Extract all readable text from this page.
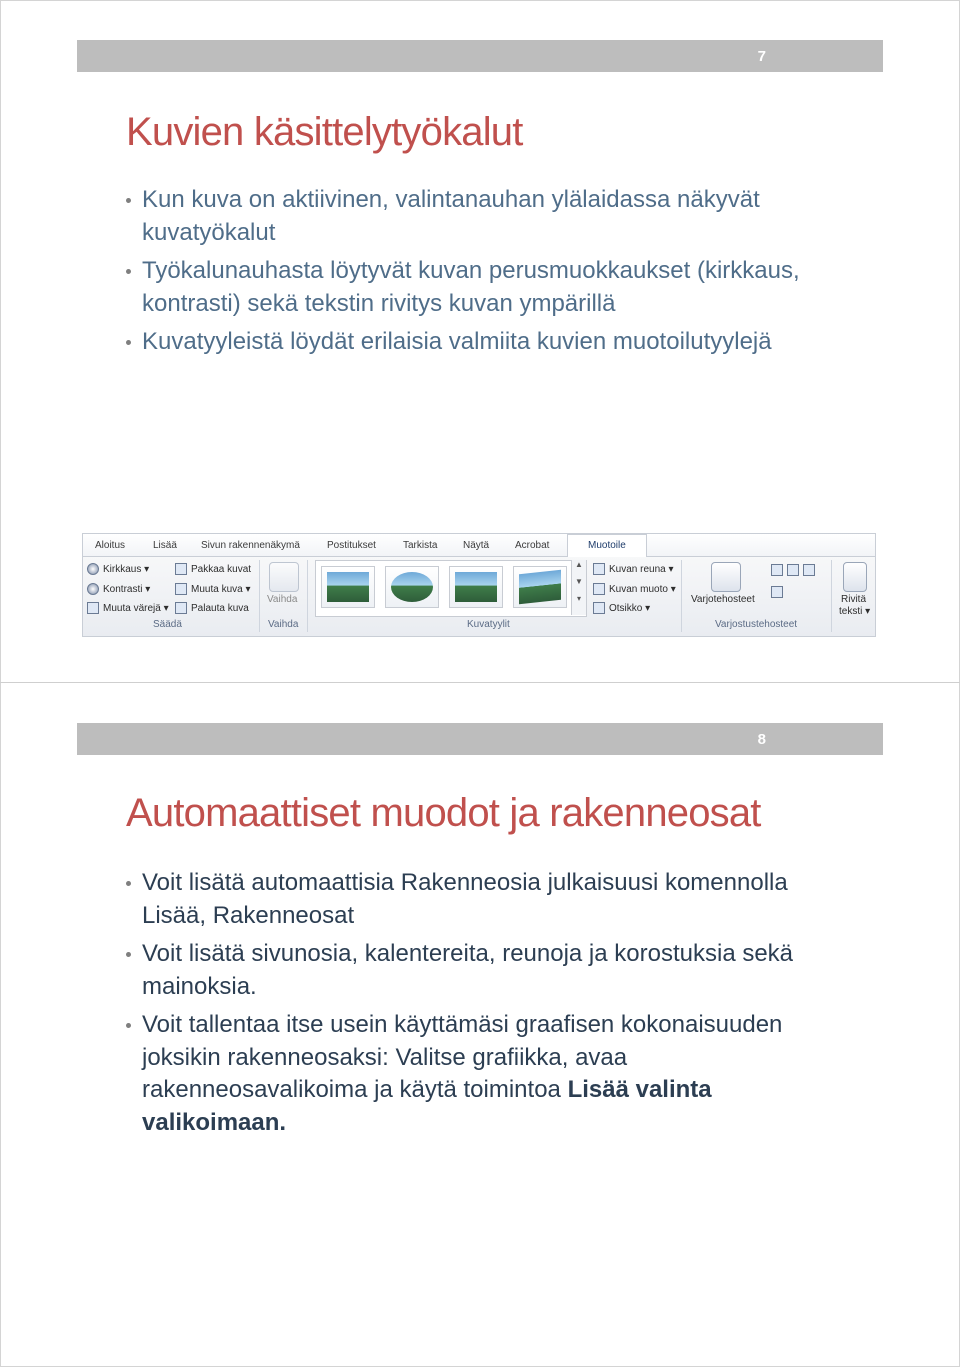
7
Kuvien käsittelytyökalut
Kun kuva on aktiivinen, valintanauhan ylälaidassa näkyvät kuvatyökalut
Työkalunauhasta löytyvät kuvan perusmuokkaukset (kirkkaus, kontrasti) sekä tekstin rivitys kuvan ympärillä
Kuvatyyleistä löydät erilaisia valmiita kuvien muotoilutyylejä
Aloitus	Lisää Sivun rakennenäkymä	Postitukset	Tarkista	Näytä	Acrobat	Muotoile
Kirkkaus ▾
Kontrasti ▾
Muuta värejä ▾
Pakkaa kuvat
Muuta kuva ▾
Palauta kuva
Säädä
Vaihda
Vaihda
▲
▼
▾
Kuvan reuna ▾
Kuvan muoto ▾
Otsikko ▾
Kuvatyylit
Varjotehosteet
Varjostustehosteet
Rivitä
teksti ▾
8
Automaattiset muodot ja rakenneosat
Voit lisätä automaattisia Rakenneosia julkaisuusi komennolla Lisää, Rakenneosat
Voit lisätä sivunosia, kalentereita, reunoja ja korostuksia sekä mainoksia.
Voit tallentaa itse usein käyttämäsi graafisen kokonaisuuden joksikin rakenneosaksi: Valitse grafiikka, avaa rakenneosavalikoima ja käytä toimintoa Lisää valinta valikoimaan.
